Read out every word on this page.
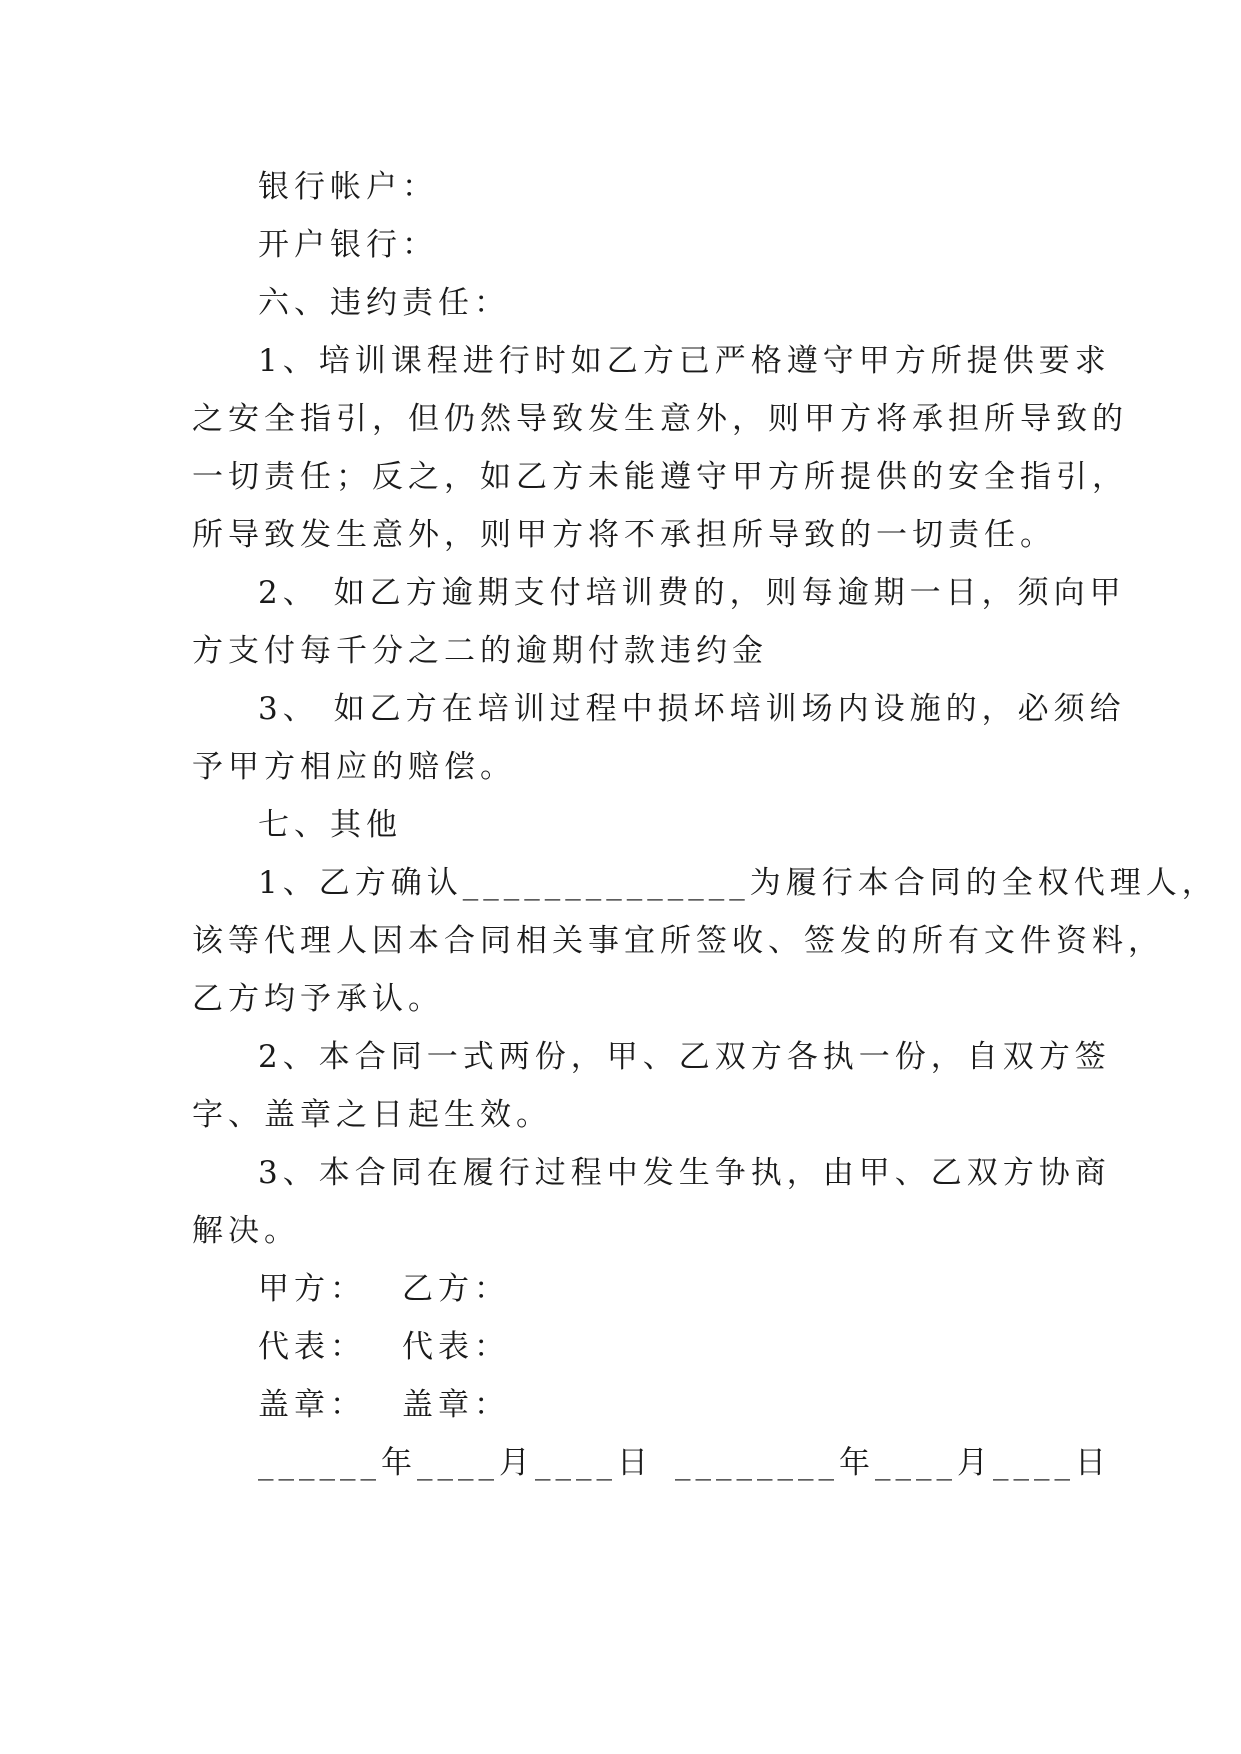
银行帐户：

开户银行：

六、违约责任：

1、培训课程进行时如乙方已严格遵守甲方所提供要求
之安全指引，但仍然导致发生意外，则甲方将承担所导致的
一切责任；反之，如乙方未能遵守甲方所提供的安全指引，
所导致发生意外，则甲方将不承担所导致的一切责任。
2、 如乙方逾期支付培训费的，则每逾期一日，须向甲
方支付每千分之二的逾期付款违约金
3、 如乙方在培训过程中损坏培训场内设施的，必须给
予甲方相应的赔偿。

七、其他

1、乙方确认______________为履行本合同的全权代理人，
该等代理人因本合同相关事宜所签收、签发的所有文件资料，
乙方均予承认。
2、本合同一式两份，甲、乙双方各执一份，自双方签
字、盖章之日起生效。
3、本合同在履行过程中发生争执，由甲、乙双方协商
解决。
甲方： 乙方：
代表： 代表：
盖章： 盖章：
______年____月____日 ________年____月____日
